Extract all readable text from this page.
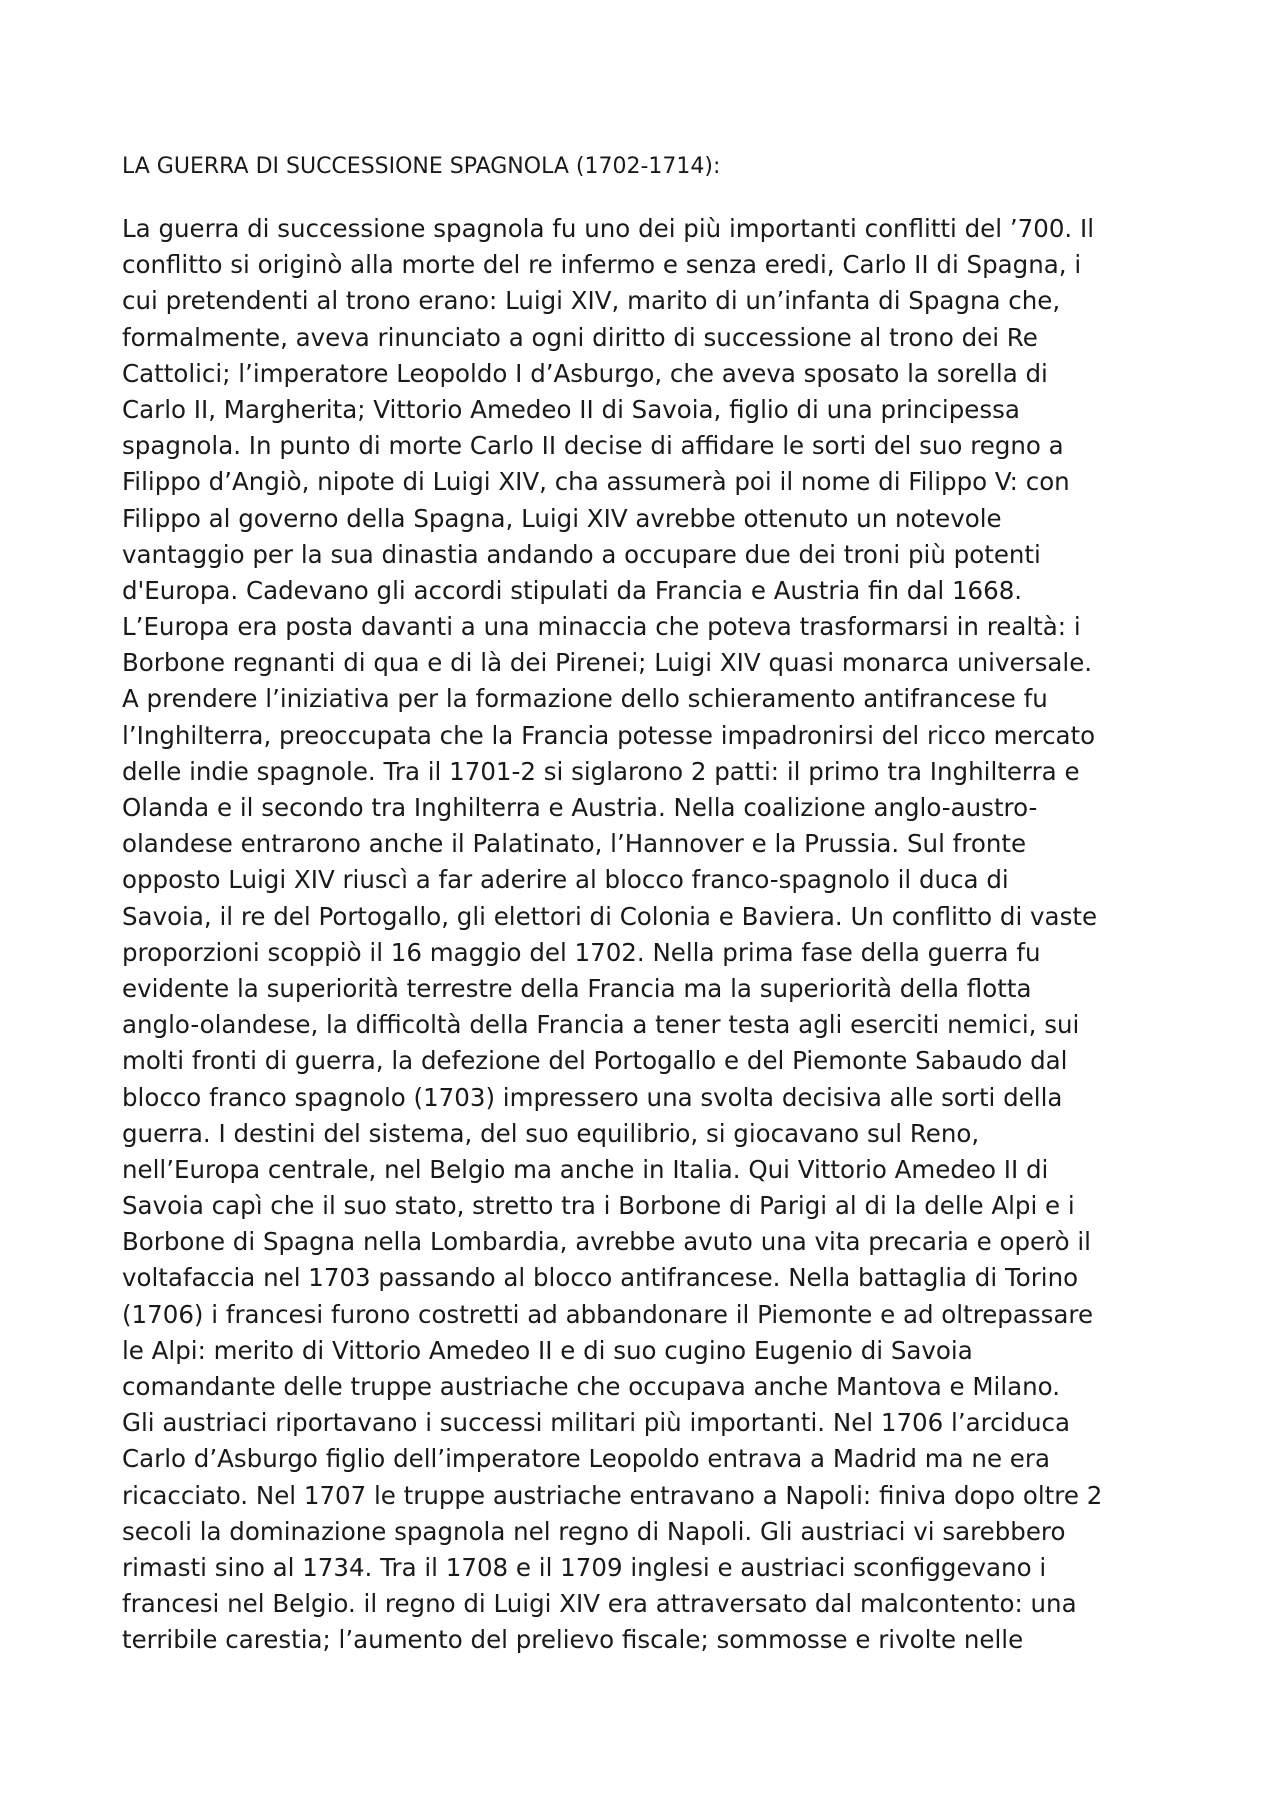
LA GUERRA DI SUCCESSIONE SPAGNOLA (1702-1714):
La guerra di successione spagnola fu uno dei più importanti conflitti del ’700. Il
conflitto si originò alla morte del re infermo e senza eredi, Carlo II di Spagna, i
cui pretendenti al trono erano: Luigi XIV, marito di un’infanta di Spagna che,
formalmente, aveva rinunciato a ogni diritto di successione al trono dei Re
Cattolici; l’imperatore Leopoldo I d’Asburgo, che aveva sposato la sorella di
Carlo II, Margherita; Vittorio Amedeo II di Savoia, figlio di una principessa
spagnola. In punto di morte Carlo II decise di affidare le sorti del suo regno a
Filippo d’Angiò, nipote di Luigi XIV, cha assumerà poi il nome di Filippo V: con
Filippo al governo della Spagna, Luigi XIV avrebbe ottenuto un notevole
vantaggio per la sua dinastia andando a occupare due dei troni più potenti
d'Europa. Cadevano gli accordi stipulati da Francia e Austria fin dal 1668.
L’Europa era posta davanti a una minaccia che poteva trasformarsi in realtà: i
Borbone regnanti di qua e di là dei Pirenei; Luigi XIV quasi monarca universale.
A prendere l’iniziativa per la formazione dello schieramento antifrancese fu
l’Inghilterra, preoccupata che la Francia potesse impadronirsi del ricco mercato
delle indie spagnole. Tra il 1701-2 si siglarono 2 patti: il primo tra Inghilterra e
Olanda e il secondo tra Inghilterra e Austria. Nella coalizione anglo-austro-
olandese entrarono anche il Palatinato, l’Hannover e la Prussia. Sul fronte
opposto Luigi XIV riuscì a far aderire al blocco franco-spagnolo il duca di
Savoia, il re del Portogallo, gli elettori di Colonia e Baviera. Un conflitto di vaste
proporzioni scoppiò il 16 maggio del 1702. Nella prima fase della guerra fu
evidente la superiorità terrestre della Francia ma la superiorità della flotta
anglo-olandese, la difficoltà della Francia a tener testa agli eserciti nemici, sui
molti fronti di guerra, la defezione del Portogallo e del Piemonte Sabaudo dal
blocco franco spagnolo (1703) impressero una svolta decisiva alle sorti della
guerra. I destini del sistema, del suo equilibrio, si giocavano sul Reno,
nell’Europa centrale, nel Belgio ma anche in Italia. Qui Vittorio Amedeo II di
Savoia capì che il suo stato, stretto tra i Borbone di Parigi al di la delle Alpi e i
Borbone di Spagna nella Lombardia, avrebbe avuto una vita precaria e operò il
voltafaccia nel 1703 passando al blocco antifrancese. Nella battaglia di Torino
(1706) i francesi furono costretti ad abbandonare il Piemonte e ad oltrepassare
le Alpi: merito di Vittorio Amedeo II e di suo cugino Eugenio di Savoia
comandante delle truppe austriache che occupava anche Mantova e Milano.
Gli austriaci riportavano i successi militari più importanti. Nel 1706 l’arciduca
Carlo d’Asburgo figlio dell’imperatore Leopoldo entrava a Madrid ma ne era
ricacciato. Nel 1707 le truppe austriache entravano a Napoli: finiva dopo oltre 2
secoli la dominazione spagnola nel regno di Napoli. Gli austriaci vi sarebbero
rimasti sino al 1734. Tra il 1708 e il 1709 inglesi e austriaci sconfiggevano i
francesi nel Belgio. il regno di Luigi XIV era attraversato dal malcontento: una
terribile carestia; l’aumento del prelievo fiscale; sommosse e rivolte nelle
